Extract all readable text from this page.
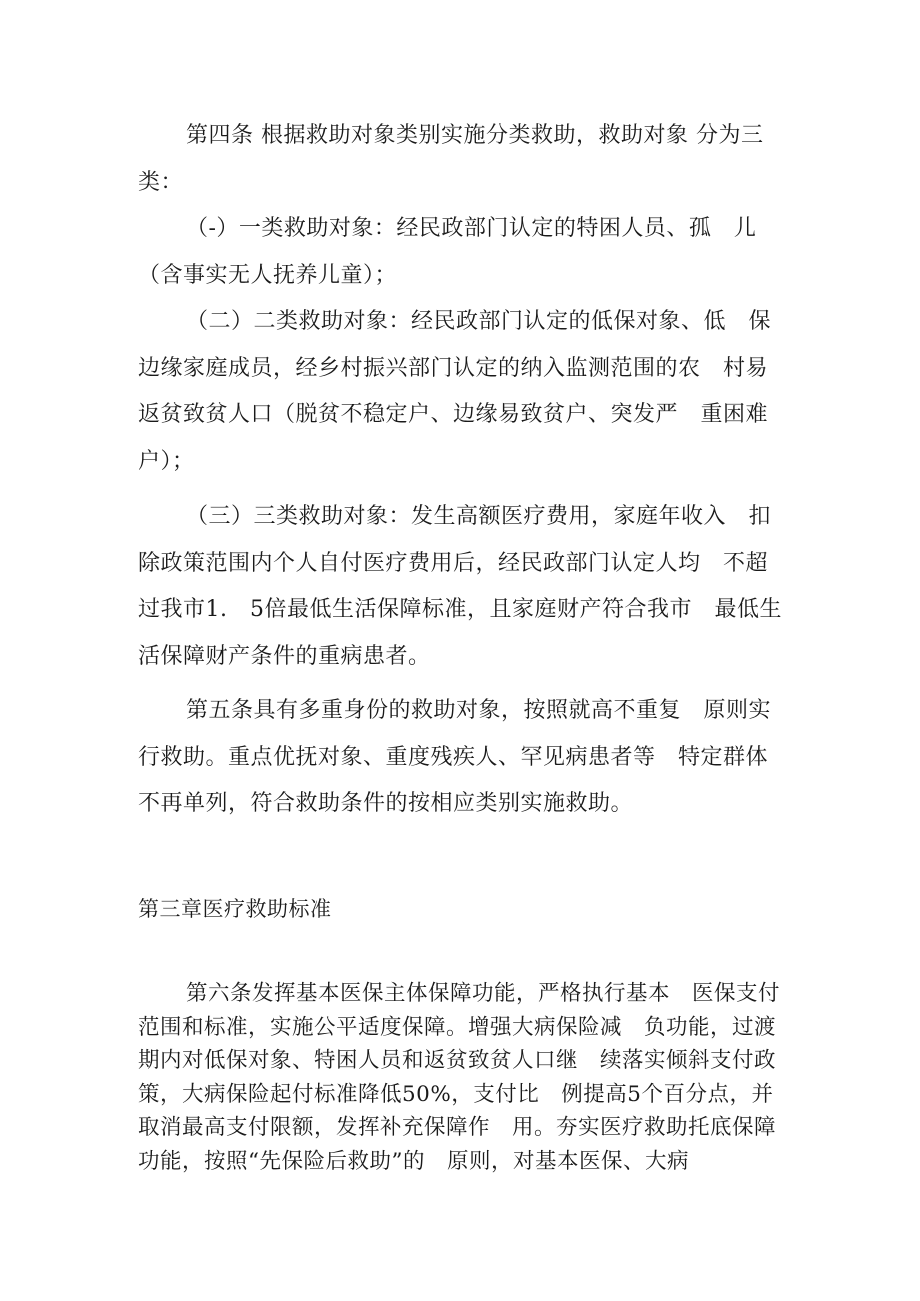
第四条 根据救助对象类别实施分类救助，救助对象 分为三类：

（-）一类救助对象：经民政部门认定的特困人员、孤　儿（含事实无人抚养儿童）；

（二）二类救助对象：经民政部门认定的低保对象、低　保边缘家庭成员，经乡村振兴部门认定的纳入监测范围的农　村易返贫致贫人口（脱贫不稳定户、边缘易致贫户、突发严　重困难户）；

（三）三类救助对象：发生高额医疗费用，家庭年收入　扣除政策范围内个人自付医疗费用后，经民政部门认定人均　不超过我市1.　5倍最低生活保障标准，且家庭财产符合我市　最低生活保障财产条件的重病患者。

第五条具有多重身份的救助对象，按照就高不重复　原则实行救助。重点优抚对象、重度残疾人、罕见病患者等　特定群体不再单列，符合救助条件的按相应类别实施救助。

第三章医疗救助标准

第六条发挥基本医保主体保障功能，严格执行基本　医保支付范围和标准，实施公平适度保障。增强大病保险减　负功能，过渡期内对低保对象、特困人员和返贫致贫人口继　续落实倾斜支付政策，大病保险起付标准降低50%，支付比　例提高5个百分点，并取消最高支付限额，发挥补充保障作　用。夯实医疗救助托底保障功能，按照“先保险后救助”的　原则，对基本医保、大病
